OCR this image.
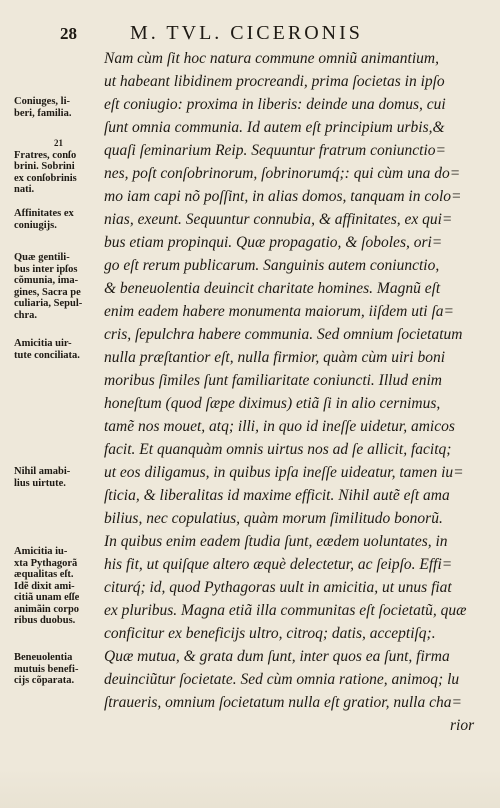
28	M. TVL. CICERONIS
Nam cùm ſit hoc natura commune omniũ animantium,
ut habeant libidinem procreandi, prima ſocietas in ipſo
eſt coniugio: proxima in liberis: deinde una domus, cui
ſunt omnia communia. Id autem eſt principium urbis,&
quaſi ſeminarium Reip. Sequuntur fratrum coniunctio=
nes, poſt conſobrinorum, ſobrinorumq́;: qui cùm una do=
mo iam capi nõ poſſint, in alias domos, tanquam in colo=
nias, exeunt. Sequuntur connubia, & affinitates, ex qui=
bus etiam propinqui. Quæ propagatio, & ſoboles, ori=
go eſt rerum publicarum. Sanguinis autem coniunctio,
& beneuolentia deuincit charitate homines. Magnũ eſt
enim eadem habere monumenta maiorum, iiſdem uti ſa=
cris, ſepulchra habere communia. Sed omnium ſocietatum
nulla præſtantior eſt, nulla firmior, quàm cùm uiri boni
moribus ſimiles ſunt familiaritate coniuncti. Illud enim
honeſtum (quod ſæpe diximus) etiã ſi in alio cernimus,
tamẽ nos mouet, atq; illi, in quo id ineſſe uidetur, amicos
facit. Et quanquàm omnis uirtus nos ad ſe allicit, facitq;
ut eos diligamus, in quibus ipſa ineſſe uideatur, tamen iu=
ſticia, & liberalitas id maxime efficit. Nihil autẽ eſt ama
bilius, nec copulatius, quàm morum ſimilitudo bonorũ.
In quibus enim eadem ſtudia ſunt, eædem uoluntates, in
his fit, ut quiſque altero æquè delectetur, ac ſeipſo. Effi=
citurq́; id, quod Pythagoras uult in amicitia, ut unus fiat
ex pluribus. Magna etiã illa communitas eſt ſocietatũ, quæ
conficitur ex beneficijs ultro, citroq; datis, acceptiſq;.
Quæ mutua, & grata dum ſunt, inter quos ea ſunt, firma
deuinciũtur ſocietate. Sed cùm omnia ratione, animoq; lu
ſtraueris, omnium ſocietatum nulla eſt gratior, nulla cha=
rior
Coniuges, li-
beri, familia.
21
Fratres, conſo
brini. Sobrini
ex conſobrinis
nati.
Affinitates ex
coniugijs.
Quæ gentili-
bus inter ipſos
cõmunia, ima-
gines, Sacra pe
culiaria, Sepul-
chra.
Amicitia uir-
tute conciliata.
Nihil amabi-
lius uirtute.
Amicitia iu-
xta Pythagorã
æqualitas eſt.
Idẽ dixit ami-
citiã unam eſſe
animãin corpo
ribus duobus.
Beneuolentia
mutuis benefi-
cijs cõparata.
